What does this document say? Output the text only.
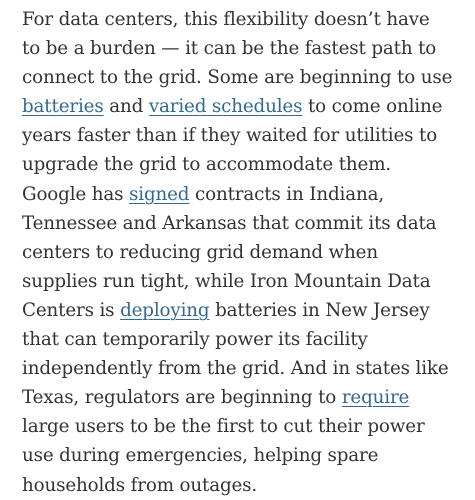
For data centers, this flexibility doesn’t have
to be a burden — it can be the fastest path to
connect to the grid. Some are beginning to use
batteries and varied schedules to come online
years faster than if they waited for utilities to
upgrade the grid to accommodate them.
Google has signed contracts in Indiana,
Tennessee and Arkansas that commit its data
centers to reducing grid demand when
supplies run tight, while Iron Mountain Data
Centers is deploying batteries in New Jersey
that can temporarily power its facility
independently from the grid. And in states like
Texas, regulators are beginning to require
large users to be the first to cut their power
use during emergencies, helping spare
households from outages.
